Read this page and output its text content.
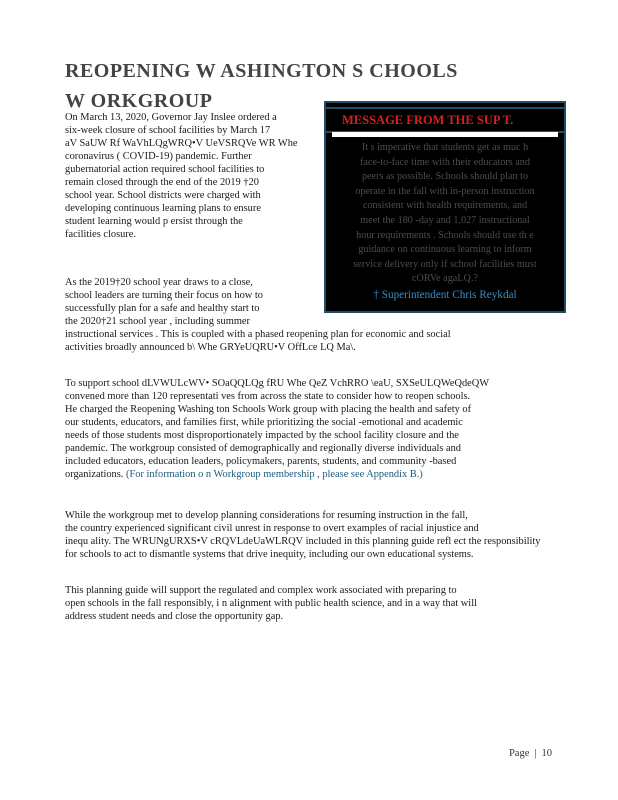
REOPENING W ASHINGTON S CHOOLS
W ORKGROUP
On March 13, 2020, Governor Jay Inslee ordered a
six-week closure of school facilities by March 17
aV SaUW Rf WaVhLQgWRQ•V UeVSRQVe WR Whe
coronavirus ( COVID-19) pandemic. Further
gubernatorial action required school facilities to
remain closed through the end of the 2019 †20
school year. School districts were charged with
developing continuous learning plans to ensure
student learning would p ersist through the
facilities closure.
As the 2019†20 school year draws to a close,
school leaders are turning their focus on how to
successfully plan for a safe and healthy start to
the 2020†21 school year , including summer
instructional services . This is coupled with a phased reopening plan for economic and social
activities broadly announced b\ Whe GRYeUQRU•V OffLce LQ Ma\.
To support school dLVWULcWV• SOaQQLQg fRU Whe QeZ VchRRO \eaU, SXSeULQWeQdeQW
convened more than 120 representati ves from across the state to consider how to reopen schools.
He charged the Reopening Washing ton Schools Work group with placing the health and safety of
our students, educators, and families first, while prioritizing the social -emotional and academic
needs of those students most disproportionately impacted by the school facility closure and the
pandemic. The workgroup consisted of demographically and regionally diverse individuals and
included educators, education leaders, policymakers, parents, students, and community -based
organizations. (For information o n Workgroup membership , please see Appendix B.)
While the workgroup met to develop planning considerations for resuming instruction in the fall,
the country experienced significant civil unrest in response to overt examples of racial injustice and
inequ ality. The WRUNgURXS•V cRQVLdeUaWLRQV included in this planning guide refl ect the responsibility
for schools to act to dismantle systems that drive inequity, including our own educational systems.
This planning guide will support the regulated and complex work associated with preparing to
open schools in the fall responsibly, i n alignment with public health science, and in a way that will
address student needs and close the opportunity gap.
MESSAGE FROM THE SUP T.
It s imperative that students get as muc h
face-to-face time with their educators and
peers as possible. Schools should plan to
operate in the fall with in-person instruction
consistent with health requirements, and
meet the 180 -day and 1,027 instructional
hour requirements . Schools should use th e
guidance on continuous learning to inform
service delivery only if school facilities must
cORVe agaLQ.?
† Superintendent Chris Reykdal
Page | 10
